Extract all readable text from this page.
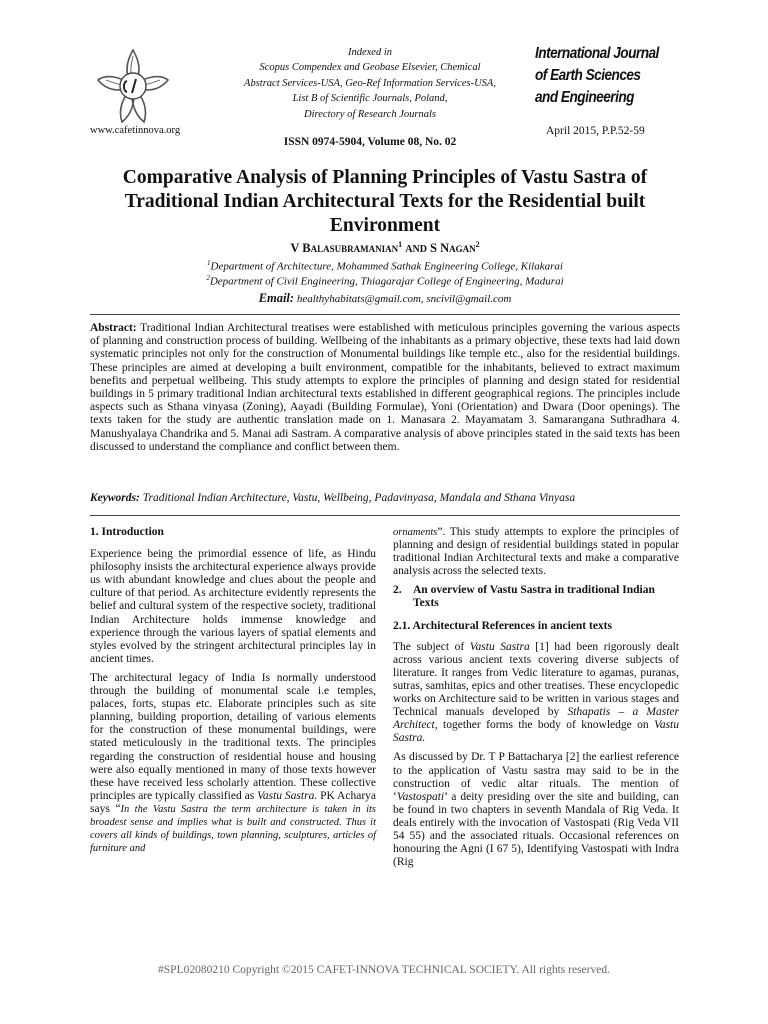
www.cafetinnova.org
Indexed in
Scopus Compendex and Geobase Elsevier, Chemical
Abstract Services-USA, Geo-Ref Information Services-USA,
List B of Scientific Journals, Poland,
Directory of Research Journals
ISSN 0974-5904, Volume 08, No. 02
International Journal
of Earth Sciences
and Engineering
April 2015, P.P.52-59
Comparative Analysis of Planning Principles of Vastu Sastra of Traditional Indian Architectural Texts for the Residential built Environment
V Balasubramanian$^1$ AND S Nagan$^2$
$^1$Department of Architecture, Mohammed Sathak Engineering College, Kilakarai
$^2$Department of Civil Engineering, Thiagarajar College of Engineering, Madurai
Email: healthyhabitats@gmail.com, sncivil@gmail.com
Abstract: Traditional Indian Architectural treatises were established with meticulous principles governing the various aspects of planning and construction process of building. Wellbeing of the inhabitants as a primary objective, these texts had laid down systematic principles not only for the construction of Monumental buildings like temple etc., also for the residential buildings. These principles are aimed at developing a built environment, compatible for the inhabitants, believed to extract maximum benefits and perpetual wellbeing. This study attempts to explore the principles of planning and design stated for residential buildings in 5 primary traditional Indian architectural texts established in different geographical regions. The principles include aspects such as Sthana vinyasa (Zoning), Aayadi (Building Formulae), Yoni (Orientation) and Dwara (Door openings). The texts taken for the study are authentic translation made on 1. Manasara 2. Mayamatam 3. Samarangana Suthradhara 4. Manushyalaya Chandrika and 5. Manai adi Sastram. A comparative analysis of above principles stated in the said texts has been discussed to understand the compliance and conflict between them.
Keywords: Traditional Indian Architecture, Vastu, Wellbeing, Padavinyasa, Mandala and Sthana Vinyasa
1. Introduction

Experience being the primordial essence of life, as Hindu philosophy insists the architectural experience always provide us with abundant knowledge and clues about the people and culture of that period. As architecture evidently represents the belief and cultural system of the respective society, traditional Indian Architecture holds immense knowledge and experience through the various layers of spatial elements and styles evolved by the stringent architectural principles lay in ancient times.

The architectural legacy of India Is normally understood through the building of monumental scale i.e temples, palaces, forts, stupas etc. Elaborate principles such as site planning, building proportion, detailing of various elements for the construction of these monumental buildings, were stated meticulously in the traditional texts. The principles regarding the construction of residential house and housing were also equally mentioned in many of those texts however these have received less scholarly attention. These collective principles are typically classified as Vastu Sastra. PK Acharya says “In the Vastu Sastra the term architecture is taken in its broadest sense and implies what is built and constructed. Thus it covers all kinds of buildings, town planning, sculptures, articles of furniture and

ornaments”. This study attempts to explore the principles of planning and design of residential buildings stated in popular traditional Indian Architectural texts and make a comparative analysis across the selected texts.

2. An overview of Vastu Sastra in traditional Indian Texts
2.1. Architectural References in ancient texts

The subject of Vastu Sastra [1] had been rigorously dealt across various ancient texts covering diverse subjects of literature. It ranges from Vedic literature to agamas, puranas, sutras, samhitas, epics and other treatises. These encyclopedic works on Architecture said to be written in various stages and Technical manuals developed by Sthapatis – a Master Architect, together forms the body of knowledge on Vastu Sastra.

As discussed by Dr. T P Battacharya [2] the earliest reference to the application of Vastu sastra may said to be in the construction of vedic altar rituals. The mention of ‘Vastospati’ a deity presiding over the site and building, can be found in two chapters in seventh Mandala of Rig Veda. It deals entirely with the invocation of Vastospati (Rig Veda VII 54 55) and the associated rituals. Occasional references on honouring the Agni (I 67 5), Identifying Vastospati with Indra (Rig

#SPL02080210 Copyright ©2015 CAFET-INNOVA TECHNICAL SOCIETY. All rights reserved.
